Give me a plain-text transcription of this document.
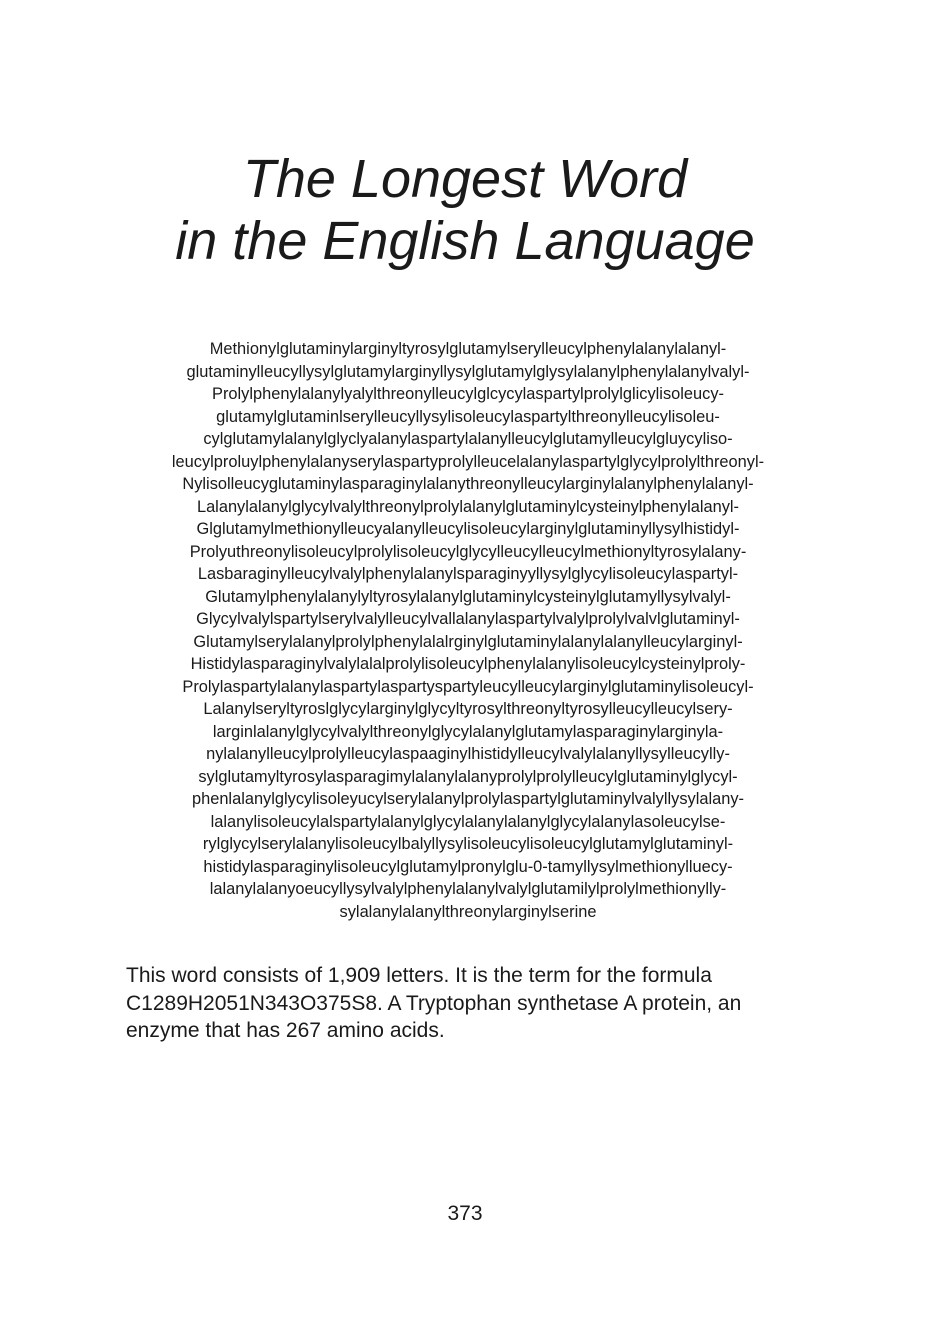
The Longest Word
in the English Language
Methionylglutaminylarginyltyrosylglutamylserylleucylphenylalanylalanyl-
glutaminylleucyllysylglutamylarginyllysylglutamylglysylalanylphenylalanylvalyl-
Prolylphenylalanylyalylthreonylleucylglcycylaspartylprolylglicylisoleucy-
glutamylglutaminlserylleucyllysylisoleucylaspartylthreonylleucylisoleu-
cylglutamylalanylglyclyalanylaspartylalanylleucylglutamylleucylgluycyliso-
leucylproluylphenylalanyserylaspartyprolylleucelalanylaspartylglycylprolylthreonyl-
Nylisolleucyglutaminylasparaginylalanythreonylleucylarginylalanylphenylalanyl-
Lalanylalanylglycylvalylthreonylprolylalanylglutaminylcysteinylphenylalanyl-
Glglutamylmethionylleucyalanylleucylisoleucylarginylglutaminyllysylhistidyl-
Prolyuthreonylisoleucylprolylisoleucylglycylleucylleucylmethionyltyrosylalany-
Lasbaraginylleucylvalylphenylalanylsparaginyyllysylglycylisoleucylaspartyl-
Glutamylphenylalanylyltyrosylalanylglutaminylcysteinylglutamyllysylvalyl-
Glycylvalylspartylserylvalylleucylvallalanylaspartylvalylprolylvalvlglutaminyl-
Glutamylserylalanylprolylphenylalalrginylglutaminylalanylalanylleucylarginyl-
Histidylasparaginylvalylalalprolylisoleucylphenylalanylisoleucylcysteinylproly-
Prolylaspartylalanylaspartylaspartyspartyleucylleucylarginylglutaminylisoleucyl-
Lalanylseryltyroslglycylarginylglycyltyrosylthreonyltyrosylleucylleucylsery-
larginlalanylglycylvalylthreonylglycylalanylglutamylasparaginylarginyla-
nylalanylleucylprolylleucylaspaaginylhistidylleucylvalylalanyllysylleucylly-
sylglutamyltyrosylasparagimylalanylalanyprolylprolylleucylglutaminylglycyl-
phenlalanylglycylisoleyucylserylalanylprolylaspartylglutaminylvalyllysylalany-
lalanylisoleucylalspartylalanylglycylalanylalanylglycylalanylasoleucylse-
rylglycylserylalanylisoleucylbalyllysylisoleucylisoleucylglutamylglutaminyl-
histidylasparaginylisoleucylglutamylpronylglu-0-tamyllysylmethionylluecy-
lalanylalanyoeucyllysylvalylphenylalanylvalylglutamilylprolylmethionylly-
sylalanylalanylthreonylarginylserine

This word consists of 1,909 letters. It is the term for the formula
C1289H2051N343O375S8. A Tryptophan synthetase A protein, an
enzyme that has 267 amino acids.

373
